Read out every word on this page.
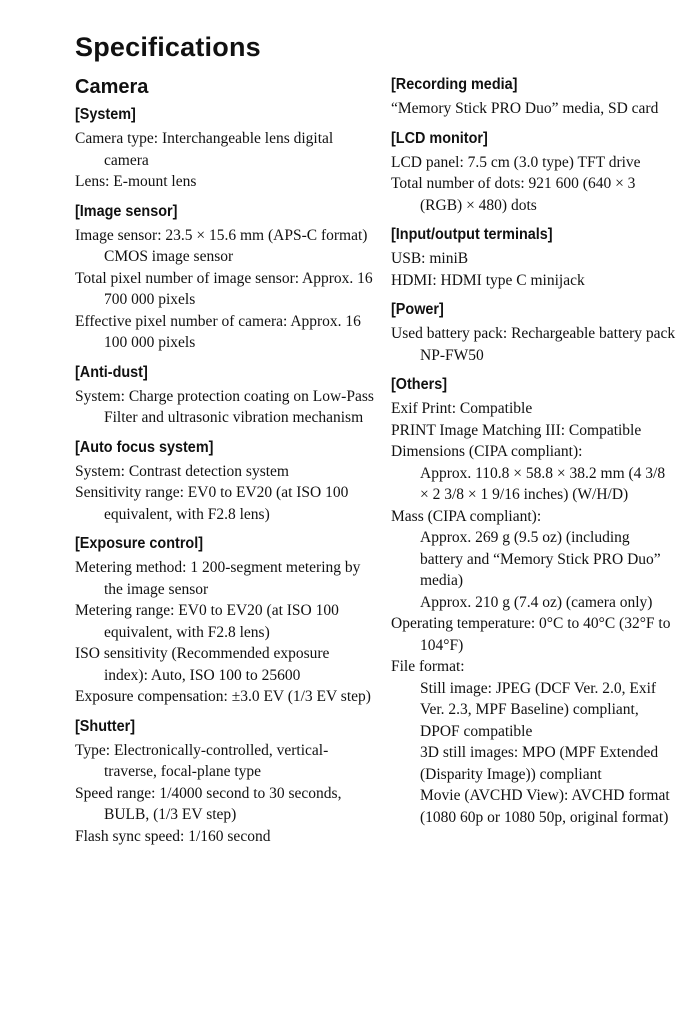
Specifications
Camera
[System]
Camera type: Interchangeable lens digital camera
Lens: E-mount lens
[Image sensor]
Image sensor: 23.5 × 15.6 mm (APS-C format) CMOS image sensor
Total pixel number of image sensor: Approx. 16 700 000 pixels
Effective pixel number of camera: Approx. 16 100 000 pixels
[Anti-dust]
System: Charge protection coating on Low-Pass Filter and ultrasonic vibration mechanism
[Auto focus system]
System: Contrast detection system
Sensitivity range: EV0 to EV20 (at ISO 100 equivalent, with F2.8 lens)
[Exposure control]
Metering method: 1 200-segment metering by the image sensor
Metering range: EV0 to EV20 (at ISO 100 equivalent, with F2.8 lens)
ISO sensitivity (Recommended exposure index): Auto, ISO 100 to 25600
Exposure compensation: ±3.0 EV (1/3 EV step)
[Shutter]
Type: Electronically-controlled, vertical-traverse, focal-plane type
Speed range: 1/4000 second to 30 seconds, BULB, (1/3 EV step)
Flash sync speed: 1/160 second
[Recording media]
“Memory Stick PRO Duo” media, SD card
[LCD monitor]
LCD panel: 7.5 cm (3.0 type) TFT drive
Total number of dots: 921 600 (640 × 3 (RGB) × 480) dots
[Input/output terminals]
USB: miniB
HDMI: HDMI type C minijack
[Power]
Used battery pack: Rechargeable battery pack NP-FW50
[Others]
Exif Print: Compatible
PRINT Image Matching III: Compatible
Dimensions (CIPA compliant):
Approx. 110.8 × 58.8 × 38.2 mm (4 3/8 × 2 3/8 × 1 9/16 inches) (W/H/D)
Mass (CIPA compliant):
Approx. 269 g (9.5 oz) (including battery and “Memory Stick PRO Duo” media)
Approx. 210 g (7.4 oz) (camera only)
Operating temperature: 0°C to 40°C (32°F to 104°F)
File format:
Still image: JPEG (DCF Ver. 2.0, Exif Ver. 2.3, MPF Baseline) compliant, DPOF compatible
3D still images: MPO (MPF Extended (Disparity Image)) compliant
Movie (AVCHD View): AVCHD format (1080 60p or 1080 50p, original format)
